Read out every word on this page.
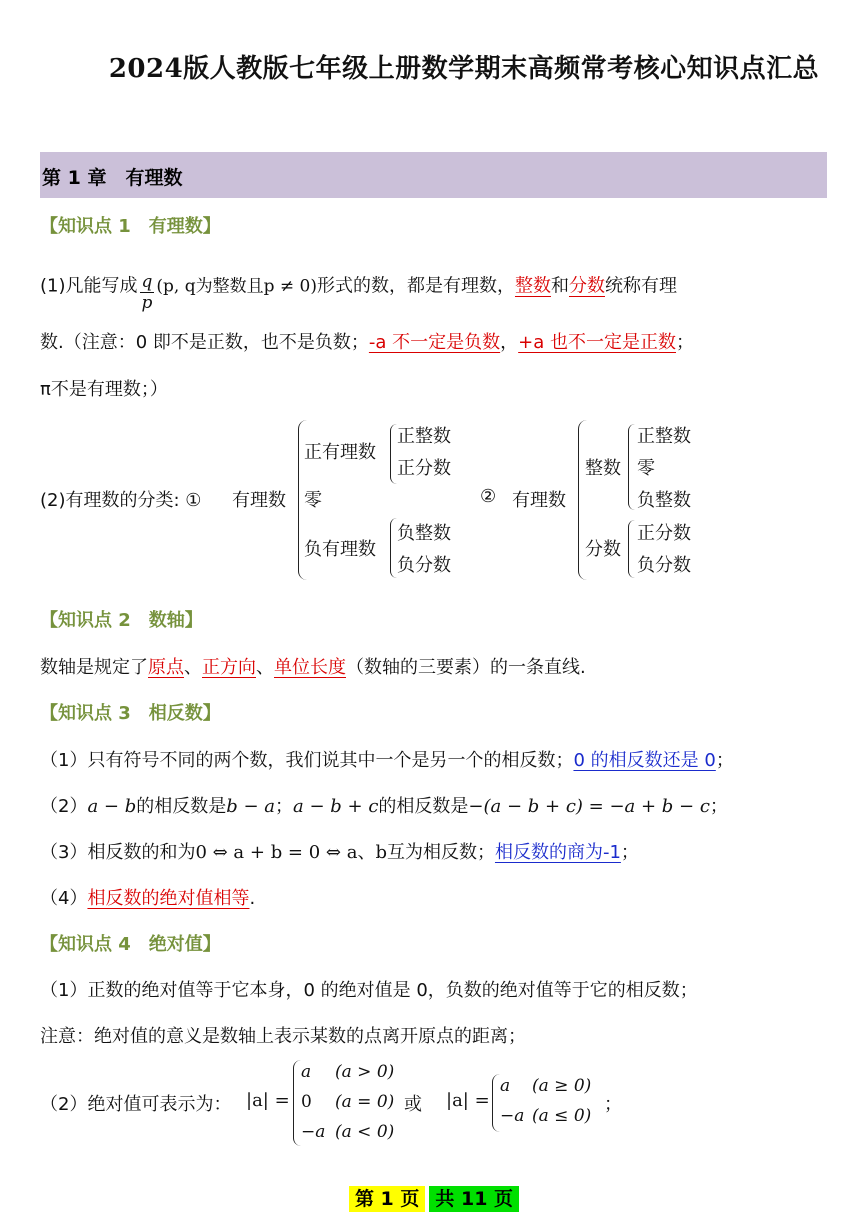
2024版人教版七年级上册数学期末高频常考核心知识点汇总
第 1 章　有理数
【知识点 1　有理数】
(1)凡能写成 $\frac{q}{p} (p$, q为整数且p ≠ 0)形式的数，都是有理数，整数和分数统称有理
数.（注意：0 即不是正数，也不是负数；-a 不一定是负数，+a 也不一定是正数；
π不是有理数；）
(2)有理数的分类: ① 有理数
正有理数
正整数
正分数
零
负有理数
负整数
负分数
② 有理数
整数
正整数
零
负整数
分数
正分数
负分数
【知识点 2　数轴】
数轴是规定了原点、正方向、单位长度（数轴的三要素）的一条直线.
【知识点 3　相反数】
（1）只有符号不同的两个数，我们说其中一个是另一个的相反数；0 的相反数还是 0；
（2）a − b的相反数是b − a；a − b + c的相反数是−(a − b + c) = −a + b − c；
（3）相反数的和为0 ⇔ a + b = 0 ⇔ a、b互为相反数；相反数的商为-1；
（4）相反数的绝对值相等.
【知识点 4　绝对值】
（1）正数的绝对值等于它本身，0 的绝对值是 0，负数的绝对值等于它的相反数；
注意：绝对值的意义是数轴上表示某数的点离开原点的距离；
（2）绝对值可表示为： |a| =
a (a > 0)
0 (a = 0)
−a (a < 0)
或 |a| =
a (a ≥ 0)
−a (a ≤ 0)
；
第 1 页 共 11 页
